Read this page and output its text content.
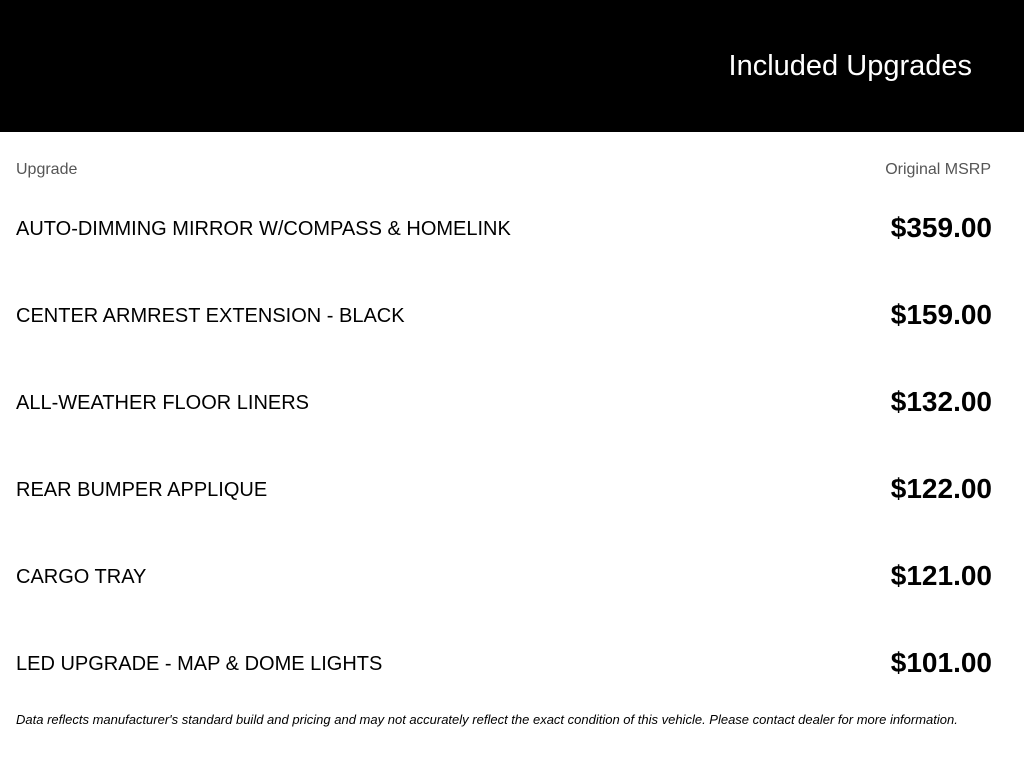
Included Upgrades
Upgrade	Original MSRP
AUTO-DIMMING MIRROR W/COMPASS & HOMELINK	$359.00
CENTER ARMREST EXTENSION - BLACK	$159.00
ALL-WEATHER FLOOR LINERS	$132.00
REAR BUMPER APPLIQUE	$122.00
CARGO TRAY	$121.00
LED UPGRADE - MAP & DOME LIGHTS	$101.00
Data reflects manufacturer's standard build and pricing and may not accurately reflect the exact condition of this vehicle. Please contact dealer for more information.
